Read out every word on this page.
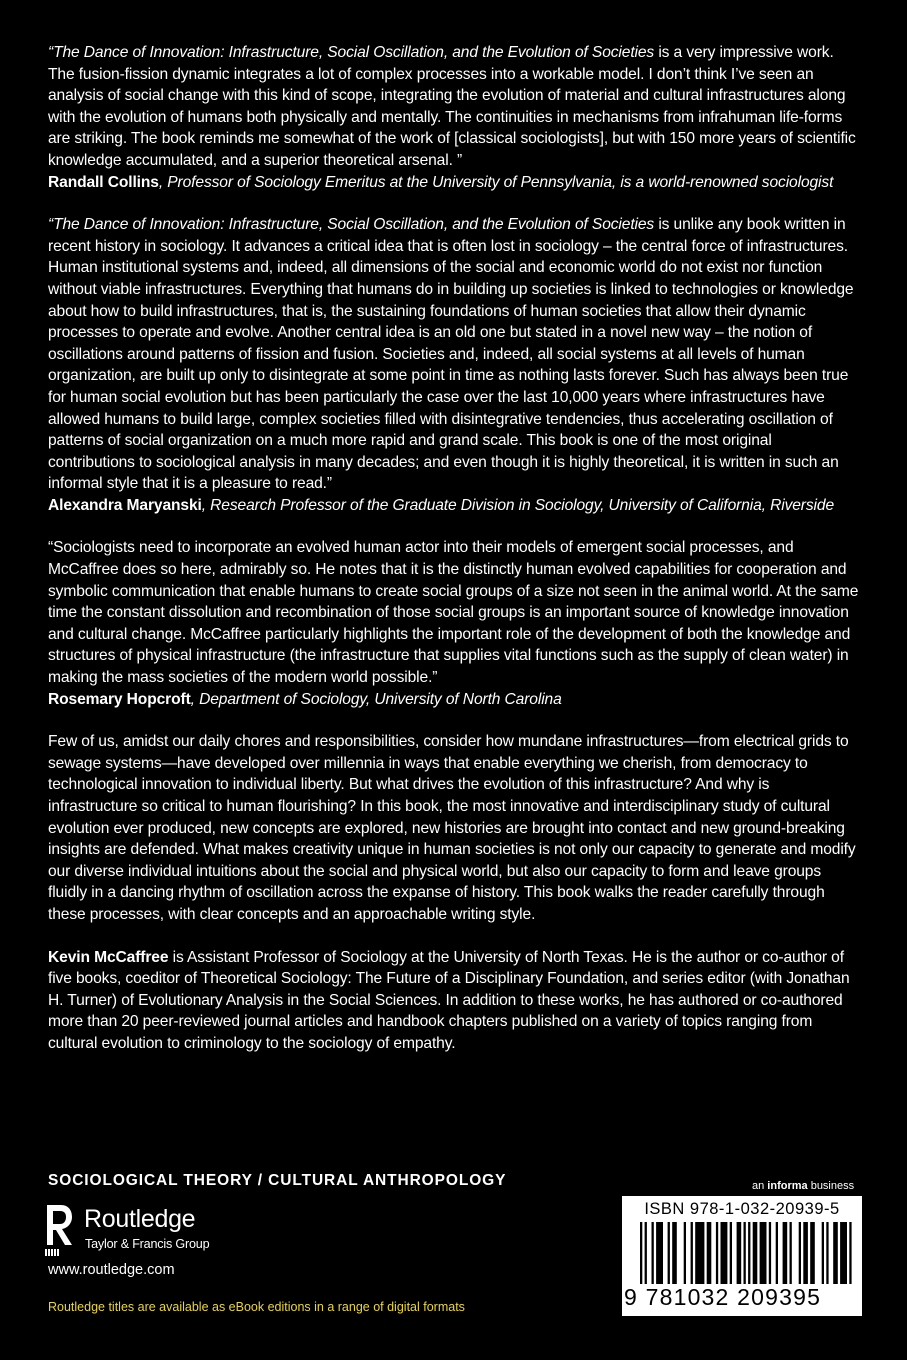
“The Dance of Innovation: Infrastructure, Social Oscillation, and the Evolution of Societies is a very impressive work. The fusion-fission dynamic integrates a lot of complex processes into a workable model. I don’t think I’ve seen an analysis of social change with this kind of scope, integrating the evolution of material and cultural infrastructures along with the evolution of humans both physically and mentally. The continuities in mechanisms from infrahuman life-forms are striking. The book reminds me somewhat of the work of [classical sociologists], but with 150 more years of scientific knowledge accumulated, and a superior theoretical arsenal. ”
Randall Collins, Professor of Sociology Emeritus at the University of Pennsylvania, is a world-renowned sociologist

“The Dance of Innovation: Infrastructure, Social Oscillation, and the Evolution of Societies is unlike any book written in recent history in sociology. It advances a critical idea that is often lost in sociology – the central force of infrastructures. Human institutional systems and, indeed, all dimensions of the social and economic world do not exist nor function without viable infrastructures. Everything that humans do in building up societies is linked to technologies or knowledge about how to build infrastructures, that is, the sustaining foundations of human societies that allow their dynamic processes to operate and evolve. Another central idea is an old one but stated in a novel new way – the notion of oscillations around patterns of fission and fusion. Societies and, indeed, all social systems at all levels of human organization, are built up only to disintegrate at some point in time as nothing lasts forever. Such has always been true for human social evolution but has been particularly the case over the last 10,000 years where infrastructures have allowed humans to build large, complex societies filled with disintegrative tendencies, thus accelerating oscillation of patterns of social organization on a much more rapid and grand scale. This book is one of the most original contributions to sociological analysis in many decades; and even though it is highly theoretical, it is written in such an informal style that it is a pleasure to read.”
Alexandra Maryanski, Research Professor of the Graduate Division in Sociology, University of California, Riverside

“Sociologists need to incorporate an evolved human actor into their models of emergent social processes, and McCaffree does so here, admirably so. He notes that it is the distinctly human evolved capabilities for cooperation and symbolic communication that enable humans to create social groups of a size not seen in the animal world. At the same time the constant dissolution and recombination of those social groups is an important source of knowledge innovation and cultural change. McCaffree particularly highlights the important role of the development of both the knowledge and structures of physical infrastructure (the infrastructure that supplies vital functions such as the supply of clean water) in making the mass societies of the modern world possible.”
Rosemary Hopcroft, Department of Sociology, University of North Carolina

Few of us, amidst our daily chores and responsibilities, consider how mundane infrastructures—from electrical grids to sewage systems—have developed over millennia in ways that enable everything we cherish, from democracy to technological innovation to individual liberty. But what drives the evolution of this infrastructure? And why is infrastructure so critical to human flourishing? In this book, the most innovative and interdisciplinary study of cultural evolution ever produced, new concepts are explored, new histories are brought into contact and new ground-breaking insights are defended. What makes creativity unique in human societies is not only our capacity to generate and modify our diverse individual intuitions about the social and physical world, but also our capacity to form and leave groups fluidly in a dancing rhythm of oscillation across the expanse of history. This book walks the reader carefully through these processes, with clear concepts and an approachable writing style.

Kevin McCaffree is Assistant Professor of Sociology at the University of North Texas. He is the author or co-author of five books, coeditor of Theoretical Sociology: The Future of a Disciplinary Foundation, and series editor (with Jonathan H. Turner) of Evolutionary Analysis in the Social Sciences. In addition to these works, he has authored or co-authored more than 20 peer-reviewed journal articles and handbook chapters published on a variety of topics ranging from cultural evolution to criminology to the sociology of empathy.

SOCIOLOGICAL THEORY / CULTURAL ANTHROPOLOGY

Routledge

Taylor & Francis Group

www.routledge.com

Routledge titles are available as eBook editions in a range of digital formats

an informa business

ISBN 978-1-032-20939-5

9 781032 209395
